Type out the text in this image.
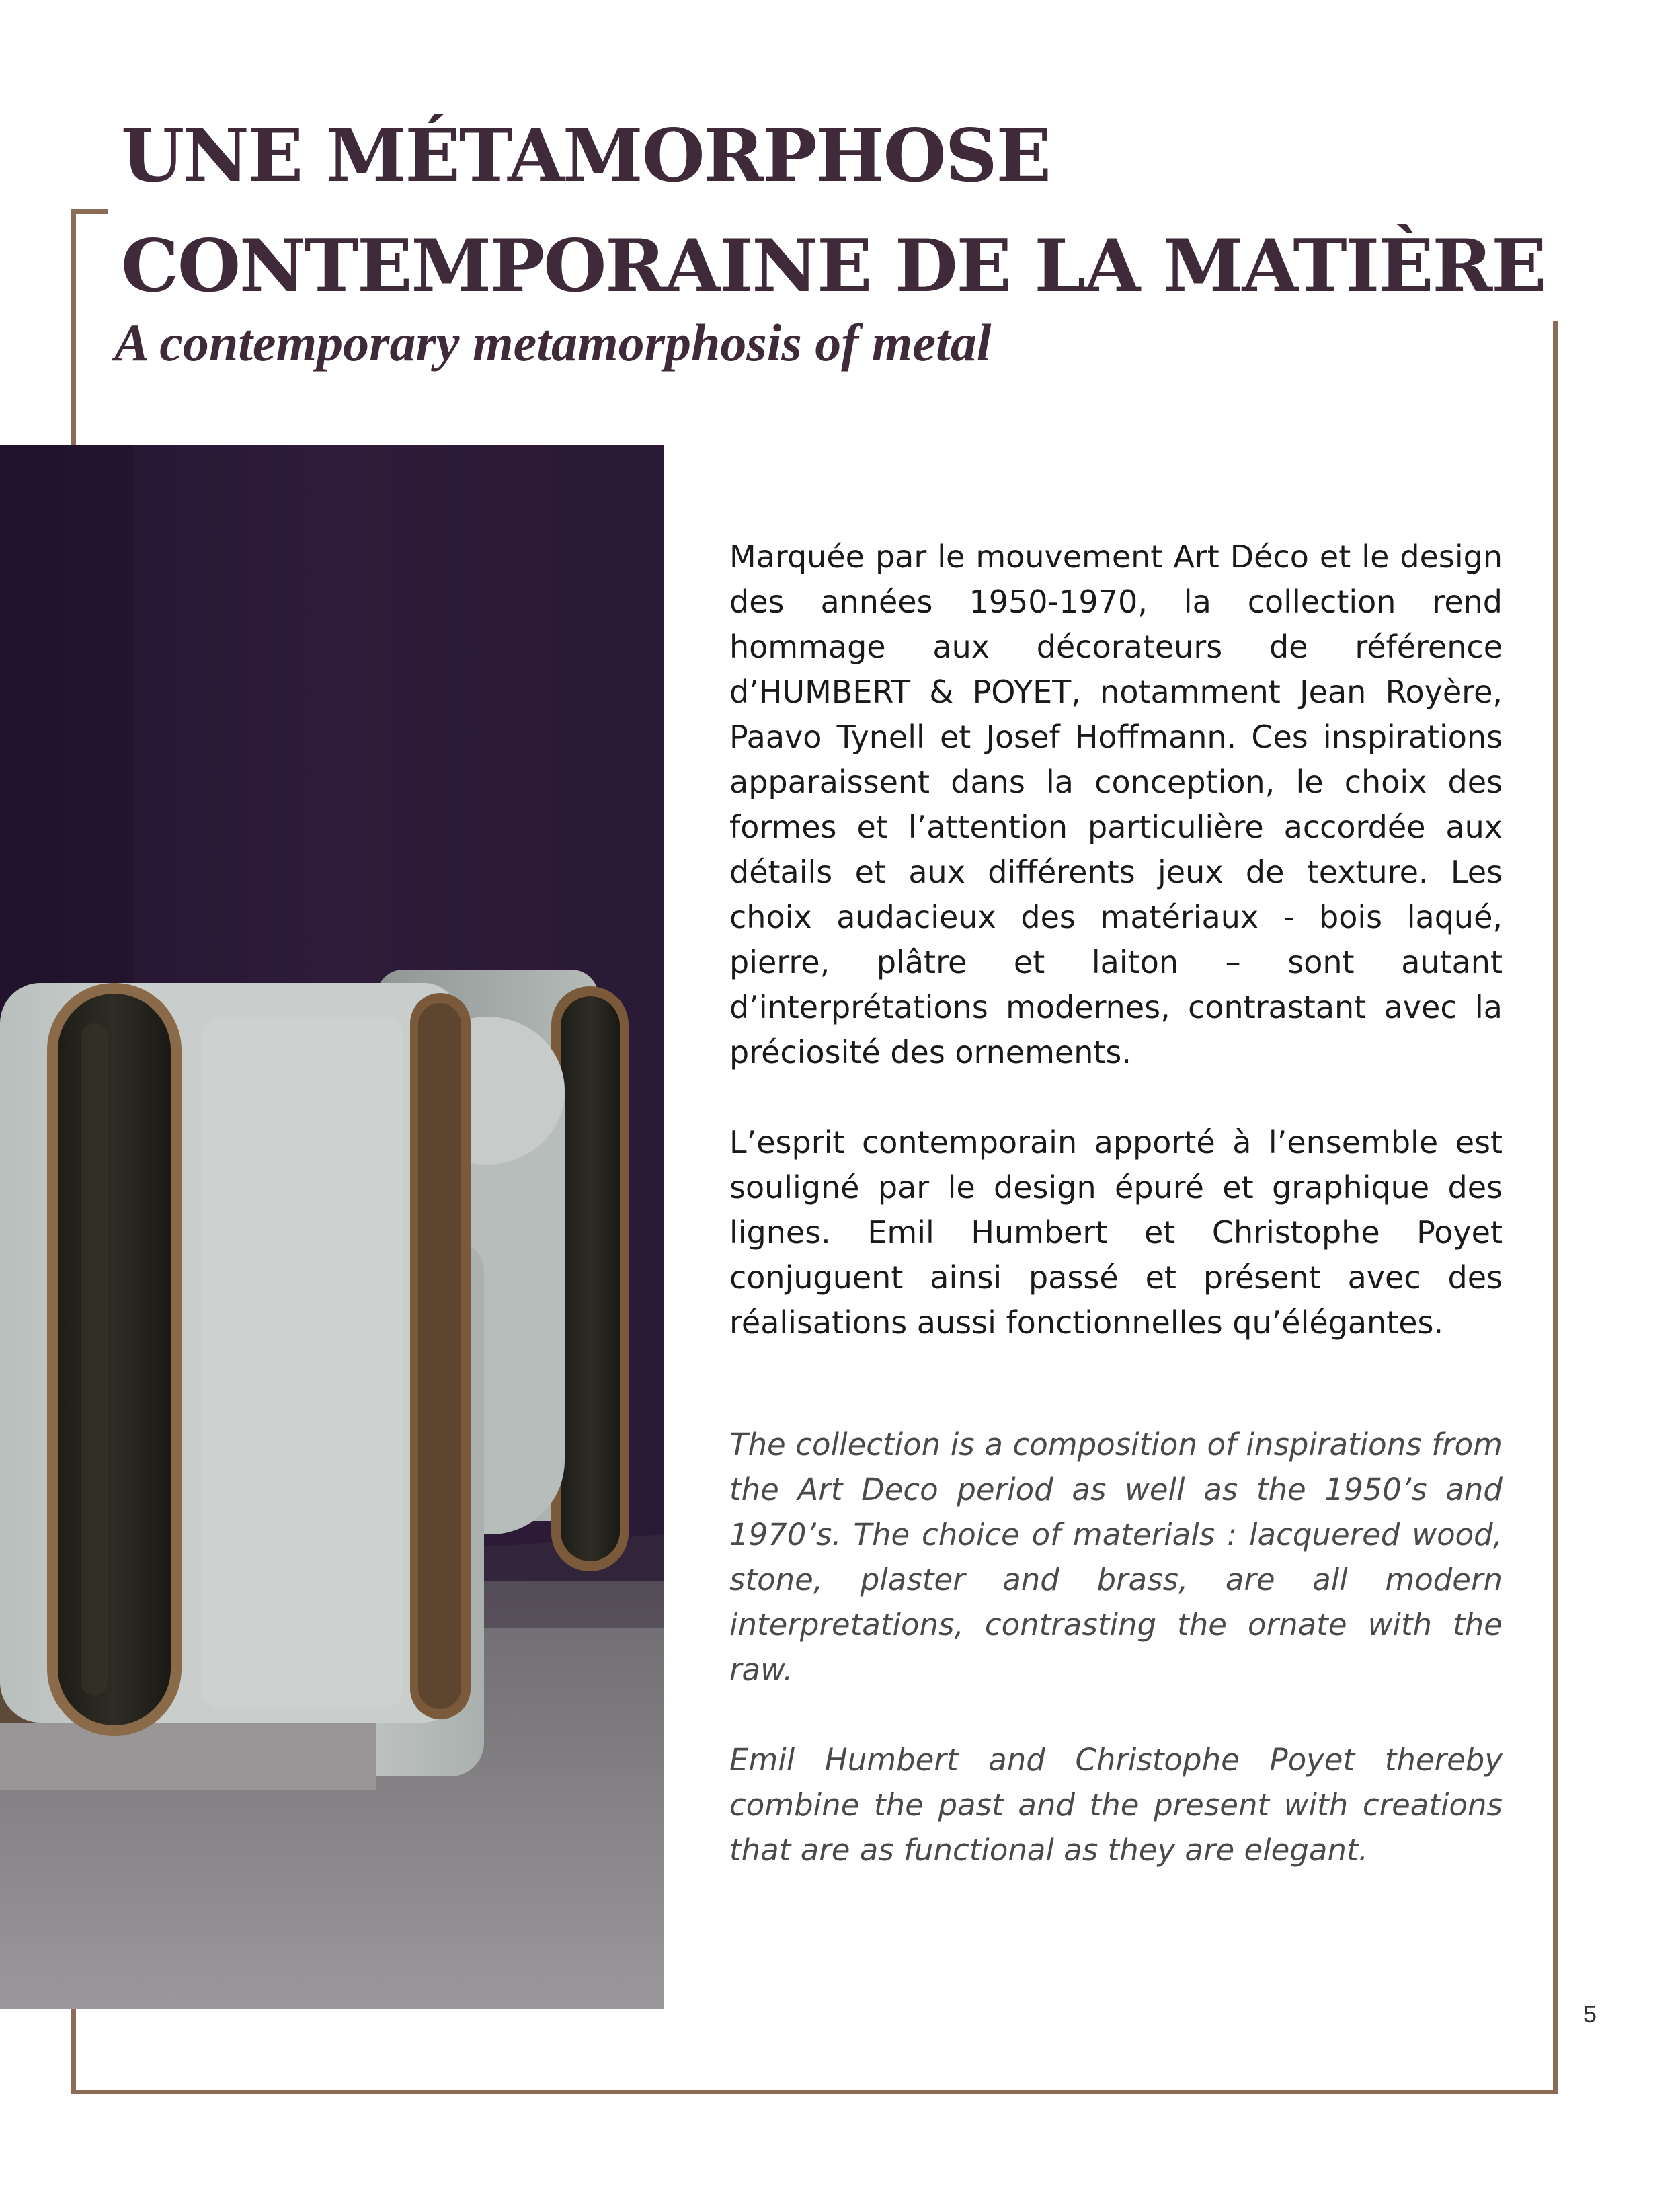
UNE MÉTAMORPHOSE
CONTEMPORAINE DE LA MATIÈRE
A contemporary metamorphosis of metal

Marquée par le mouvement Art Déco et le design des années 1950-1970, la collection rend hommage aux décorateurs de référence d’HUMBERT & POYET, notamment Jean Royère, Paavo Tynell et Josef Hoffmann. Ces inspirations apparaissent dans la conception, le choix des formes et l’attention particulière accordée aux détails et aux différents jeux de texture. Les choix audacieux des matériaux - bois laqué, pierre, plâtre et laiton – sont autant d’interprétations modernes, contrastant avec la préciosité des ornements.

L’esprit contemporain apporté à l’ensemble est souligné par le design épuré et graphique des lignes. Emil Humbert et Christophe Poyet conjuguent ainsi passé et présent avec des réalisations aussi fonctionnelles qu’élégantes.

The collection is a composition of inspirations from the Art Deco period as well as the 1950’s and 1970’s. The choice of materials : lacquered wood, stone, plaster and brass, are all modern interpretations, contrasting the ornate with the raw.

Emil Humbert and Christophe Poyet thereby combine the past and the present with creations that are as functional as they are elegant.

5
